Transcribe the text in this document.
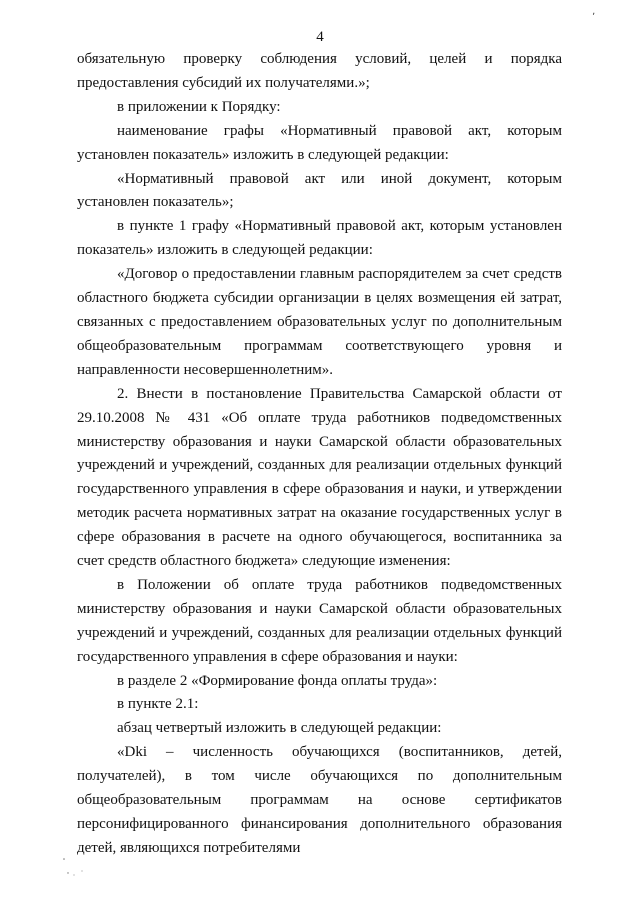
٬
4

обязательную проверку соблюдения условий, целей и порядка предоставления субсидий их получателями.»;

в приложении к Порядку:

наименование графы «Нормативный правовой акт, которым установлен показатель» изложить в следующей редакции:

«Нормативный правовой акт или иной документ, которым установлен показатель»;

в пункте 1 графу «Нормативный правовой акт, которым установлен показатель» изложить в следующей редакции:

«Договор о предоставлении главным распорядителем за счет средств областного бюджета субсидии организации в целях возмещения ей затрат, связанных с предоставлением образовательных услуг по дополнительным общеобразовательным программам соответствующего уровня и направленности несовершеннолетним».

2. Внести в постановление Правительства Самарской области от 29.10.2008 № 431 «Об оплате труда работников подведомственных министерству образования и науки Самарской области образовательных учреждений и учреждений, созданных для реализации отдельных функций государственного управления в сфере образования и науки, и утверждении методик расчета нормативных затрат на оказание государственных услуг в сфере образования в расчете на одного обучающегося, воспитанника за счет средств областного бюджета» следующие изменения:

в Положении об оплате труда работников подведомственных министерству образования и науки Самарской области образовательных учреждений и учреждений, созданных для реализации отдельных функций государственного управления в сфере образования и науки:

в разделе 2 «Формирование фонда оплаты труда»:

в пункте 2.1:

абзац четвертый изложить в следующей редакции:

«Dki – численность обучающихся (воспитанников, детей, получателей), в том числе обучающихся по дополнительным общеобразовательным программам на основе сертификатов персонифицированного финансирования дополнительного образования детей, являющихся потребителями
